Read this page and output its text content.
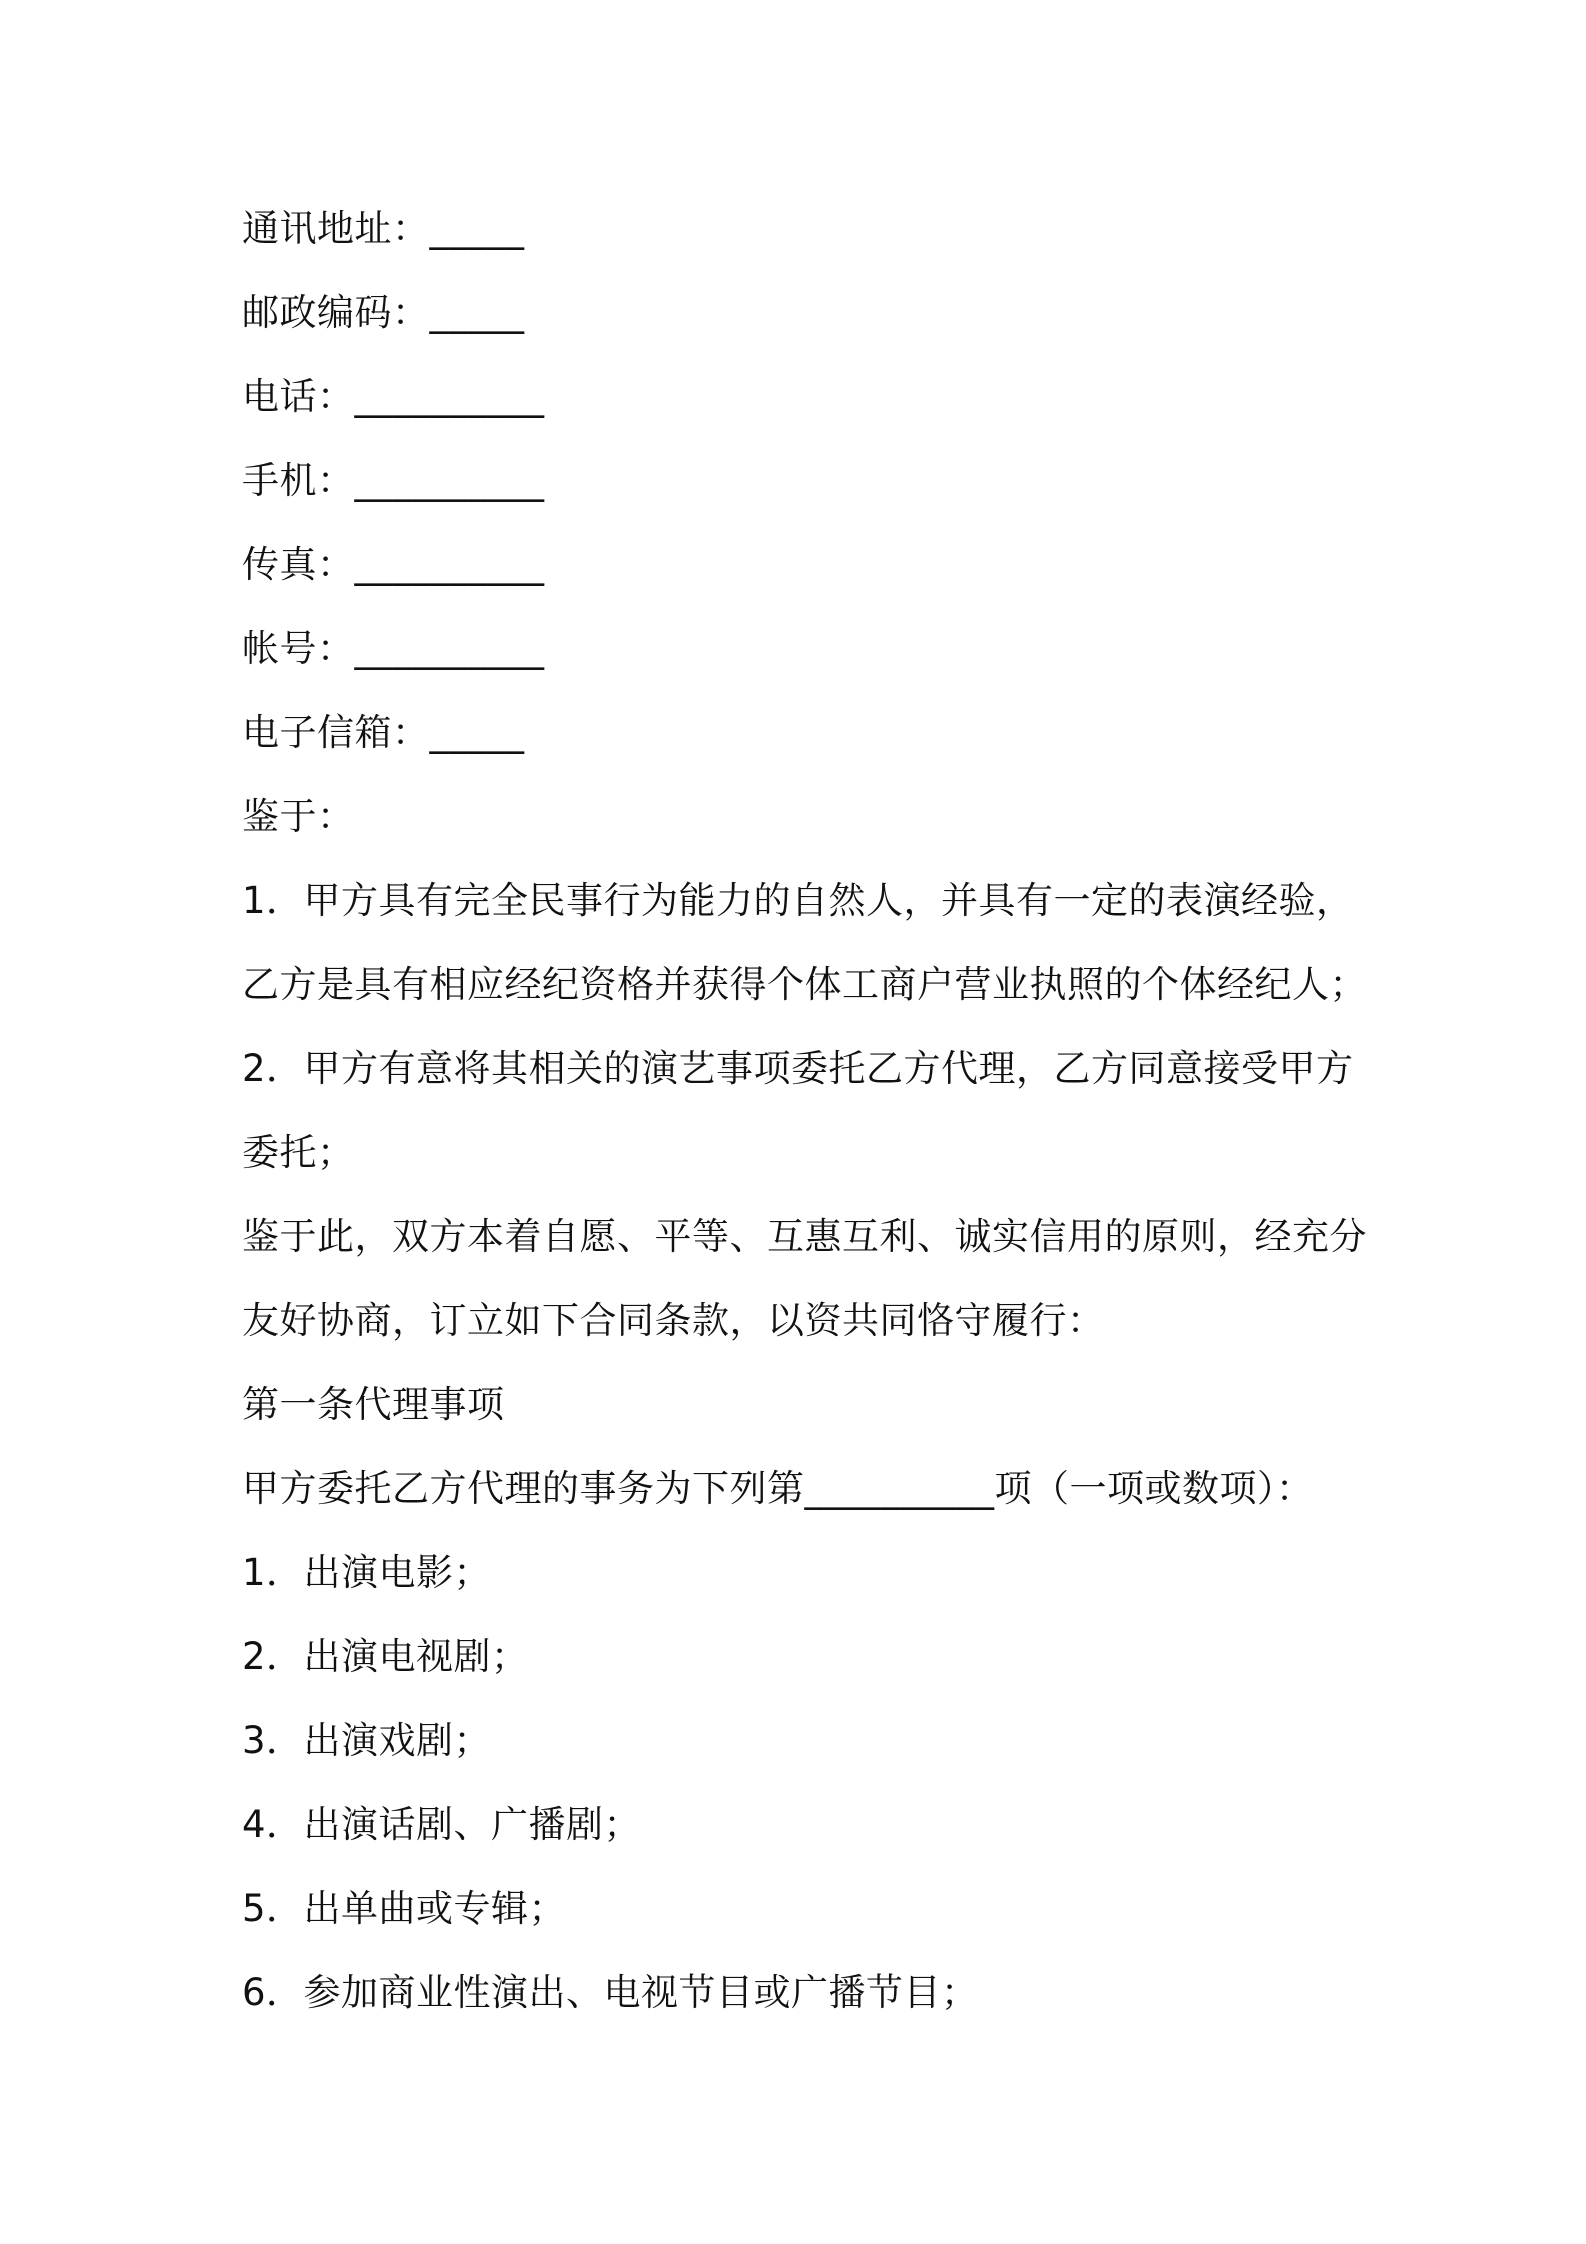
通讯地址：_____
邮政编码：_____
电话：__________
手机：__________
传真：__________
帐号：__________
电子信箱：_____
鉴于：
1．甲方具有完全民事行为能力的自然人，并具有一定的表演经验，
乙方是具有相应经纪资格并获得个体工商户营业执照的个体经纪人；
2．甲方有意将其相关的演艺事项委托乙方代理，乙方同意接受甲方
委托；
鉴于此，双方本着自愿、平等、互惠互利、诚实信用的原则，经充分
友好协商，订立如下合同条款，以资共同恪守履行：
第一条代理事项
甲方委托乙方代理的事务为下列第__________项（一项或数项）：
1．出演电影；
2．出演电视剧；
3．出演戏剧；
4．出演话剧、广播剧；
5．出单曲或专辑；
6．参加商业性演出、电视节目或广播节目；
